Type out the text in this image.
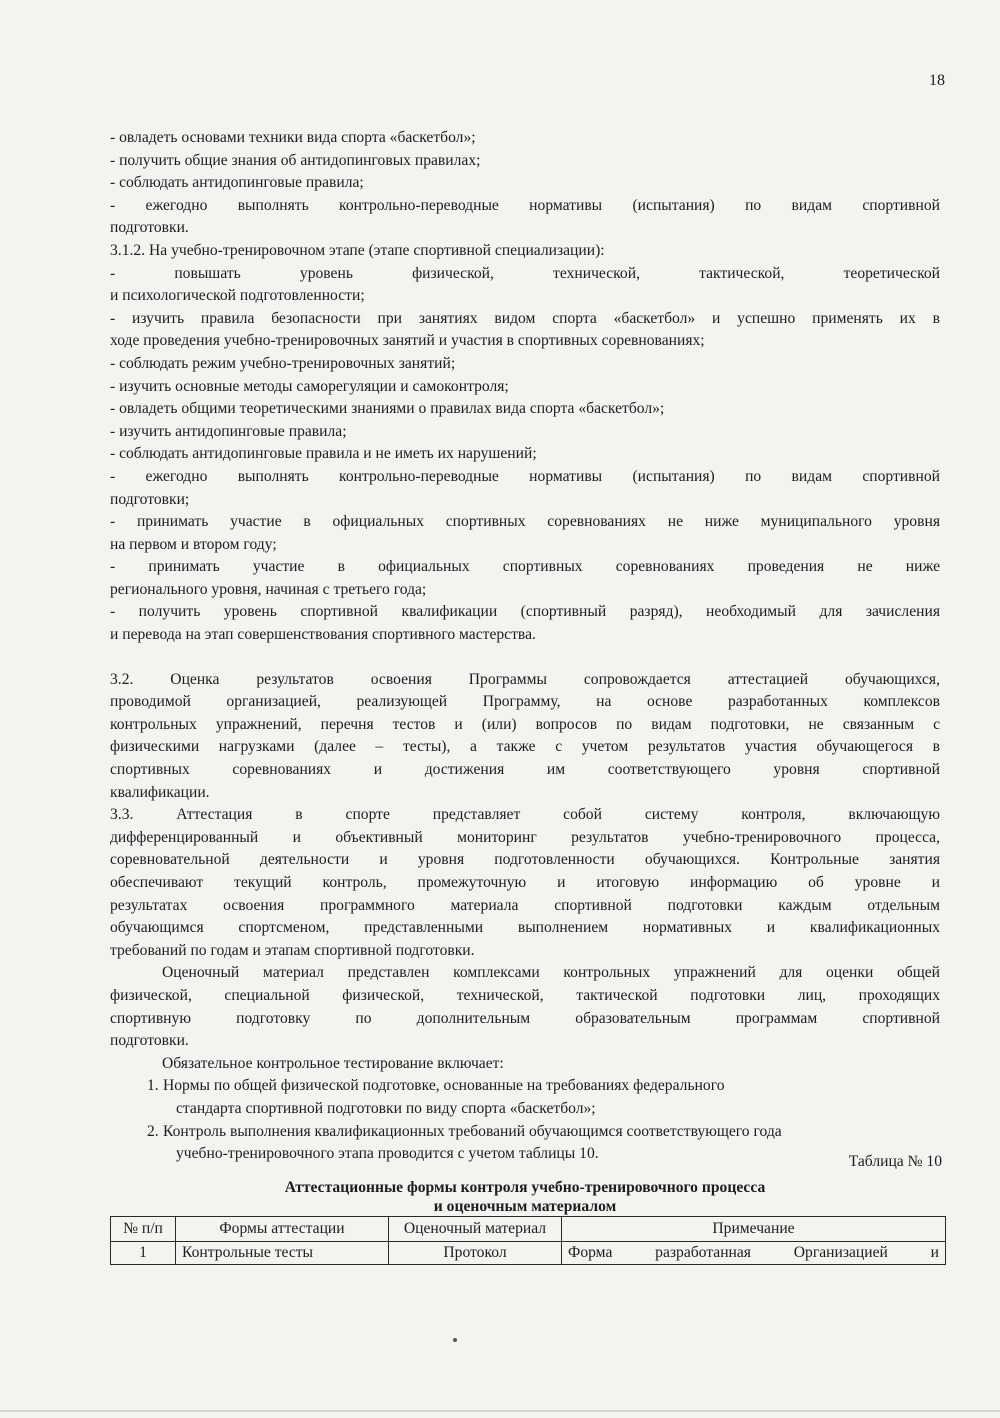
18
- овладеть основами техники вида спорта «баскетбол»;
- получить общие знания об антидопинговых правилах;
- соблюдать антидопинговые правила;
- ежегодно выполнять контрольно-переводные нормативы (испытания) по видам спортивной
подготовки.
3.1.2. На учебно-тренировочном этапе (этапе спортивной специализации):
- повышать уровень физической, технической, тактической, теоретической
и психологической подготовленности;
- изучить правила безопасности при занятиях видом спорта «баскетбол» и успешно применять их в
ходе проведения учебно-тренировочных занятий и участия в спортивных соревнованиях;
- соблюдать режим учебно-тренировочных занятий;
- изучить основные методы саморегуляции и самоконтроля;
- овладеть общими теоретическими знаниями о правилах вида спорта «баскетбол»;
- изучить антидопинговые правила;
- соблюдать антидопинговые правила и не иметь их нарушений;
- ежегодно выполнять контрольно-переводные нормативы (испытания) по видам спортивной
подготовки;
- принимать участие в официальных спортивных соревнованиях не ниже муниципального уровня
на первом и втором году;
- принимать участие в официальных спортивных соревнованиях проведения не ниже
регионального уровня, начиная с третьего года;
- получить уровень спортивной квалификации (спортивный разряд), необходимый для зачисления
и перевода на этап совершенствования спортивного мастерства.
3.2. Оценка результатов освоения Программы сопровождается аттестацией обучающихся,
проводимой организацией, реализующей Программу, на основе разработанных комплексов
контрольных упражнений, перечня тестов и (или) вопросов по видам подготовки, не связанным с
физическими нагрузками (далее – тесты), а также с учетом результатов участия обучающегося в
спортивных соревнованиях и достижения им соответствующего уровня спортивной
квалификации.
3.3. Аттестация в спорте представляет собой систему контроля, включающую
дифференцированный и объективный мониторинг результатов учебно-тренировочного процесса,
соревновательной деятельности и уровня подготовленности обучающихся. Контрольные занятия
обеспечивают текущий контроль, промежуточную и итоговую информацию об уровне и
результатах освоения программного материала спортивной подготовки каждым отдельным
обучающимся спортсменом, представленными выполнением нормативных и квалификационных
требований по годам и этапам спортивной подготовки.
Оценочный материал представлен комплексами контрольных упражнений для оценки общей
физической, специальной физической, технической, тактической подготовки лиц, проходящих
спортивную подготовку по дополнительным образовательным программам спортивной
подготовки.
Обязательное контрольное тестирование включает:
1. Нормы по общей физической подготовке, основанные на требованиях федерального
стандарта спортивной подготовки по виду спорта «баскетбол»;
2. Контроль выполнения квалификационных требований обучающимся соответствующего года
учебно-тренировочного этапа проводится с учетом таблицы 10.	Таблица № 10
Аттестационные формы контроля учебно-тренировочного процесса
и оценочным материалом
№ п/п	Формы аттестации	Оценочный материал	Примечание
1	Контрольные тесты	Протокол	Форма разработанная Организацией и
